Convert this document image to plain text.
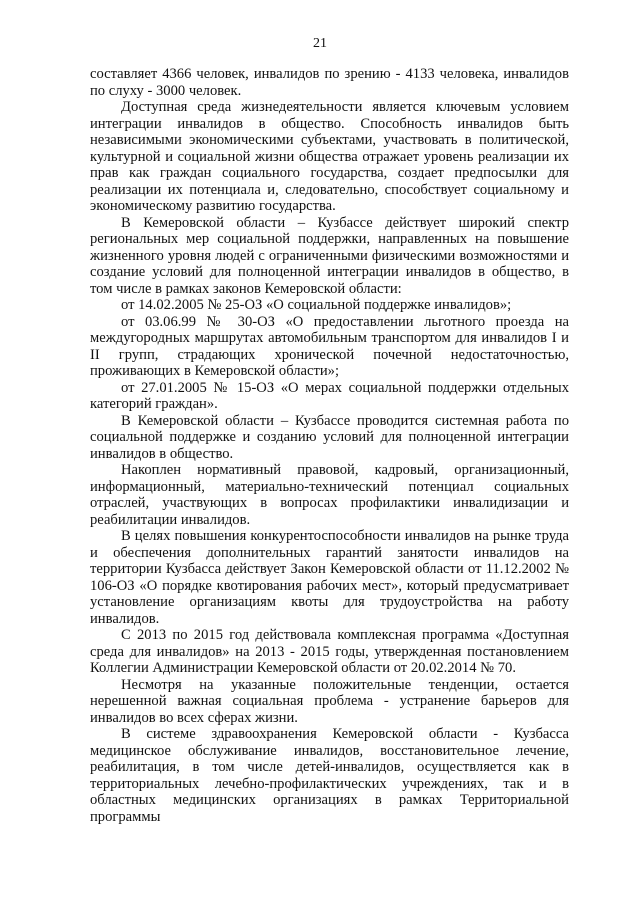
21

составляет 4366 человек, инвалидов по зрению - 4133 человека, инвалидов по слуху - 3000 человек.

Доступная среда жизнедеятельности является ключевым условием интеграции инвалидов в общество. Способность инвалидов быть независимыми экономическими субъектами, участвовать в политической, культурной и социальной жизни общества отражает уровень реализации их прав как граждан социального государства, создает предпосылки для реализации их потенциала и, следовательно, способствует социальному и экономическому развитию государства.

В Кемеровской области – Кузбассе действует широкий спектр региональных мер социальной поддержки, направленных на повышение жизненного уровня людей с ограниченными физическими возможностями и создание условий для полноценной интеграции инвалидов в общество, в том числе в рамках законов Кемеровской области:

от 14.02.2005 № 25-ОЗ «О социальной поддержке инвалидов»;

от 03.06.99 № 30-ОЗ «О предоставлении льготного проезда на междугородных маршрутах автомобильным транспортом для инвалидов I и II групп, страдающих хронической почечной недостаточностью, проживающих в Кемеровской области»;

от 27.01.2005 № 15-ОЗ «О мерах социальной поддержки отдельных категорий граждан».

В Кемеровской области – Кузбассе проводится системная работа по социальной поддержке и созданию условий для полноценной интеграции инвалидов в общество.

Накоплен нормативный правовой, кадровый, организационный, информационный, материально-технический потенциал социальных отраслей, участвующих в вопросах профилактики инвалидизации и реабилитации инвалидов.

В целях повышения конкурентоспособности инвалидов на рынке труда и обеспечения дополнительных гарантий занятости инвалидов на территории Кузбасса действует Закон Кемеровской области от 11.12.2002 № 106-ОЗ «О порядке квотирования рабочих мест», который предусматривает установление организациям квоты для трудоустройства на работу инвалидов.

С 2013 по 2015 год действовала комплексная программа «Доступная среда для инвалидов» на 2013 - 2015 годы, утвержденная постановлением Коллегии Администрации Кемеровской области от 20.02.2014 № 70.

Несмотря на указанные положительные тенденции, остается нерешенной важная социальная проблема - устранение барьеров для инвалидов во всех сферах жизни.

В системе здравоохранения Кемеровской области - Кузбасса медицинское обслуживание инвалидов, восстановительное лечение, реабилитация, в том числе детей-инвалидов, осуществляется как в территориальных лечебно-профилактических учреждениях, так и в областных медицинских организациях в рамках Территориальной программы
